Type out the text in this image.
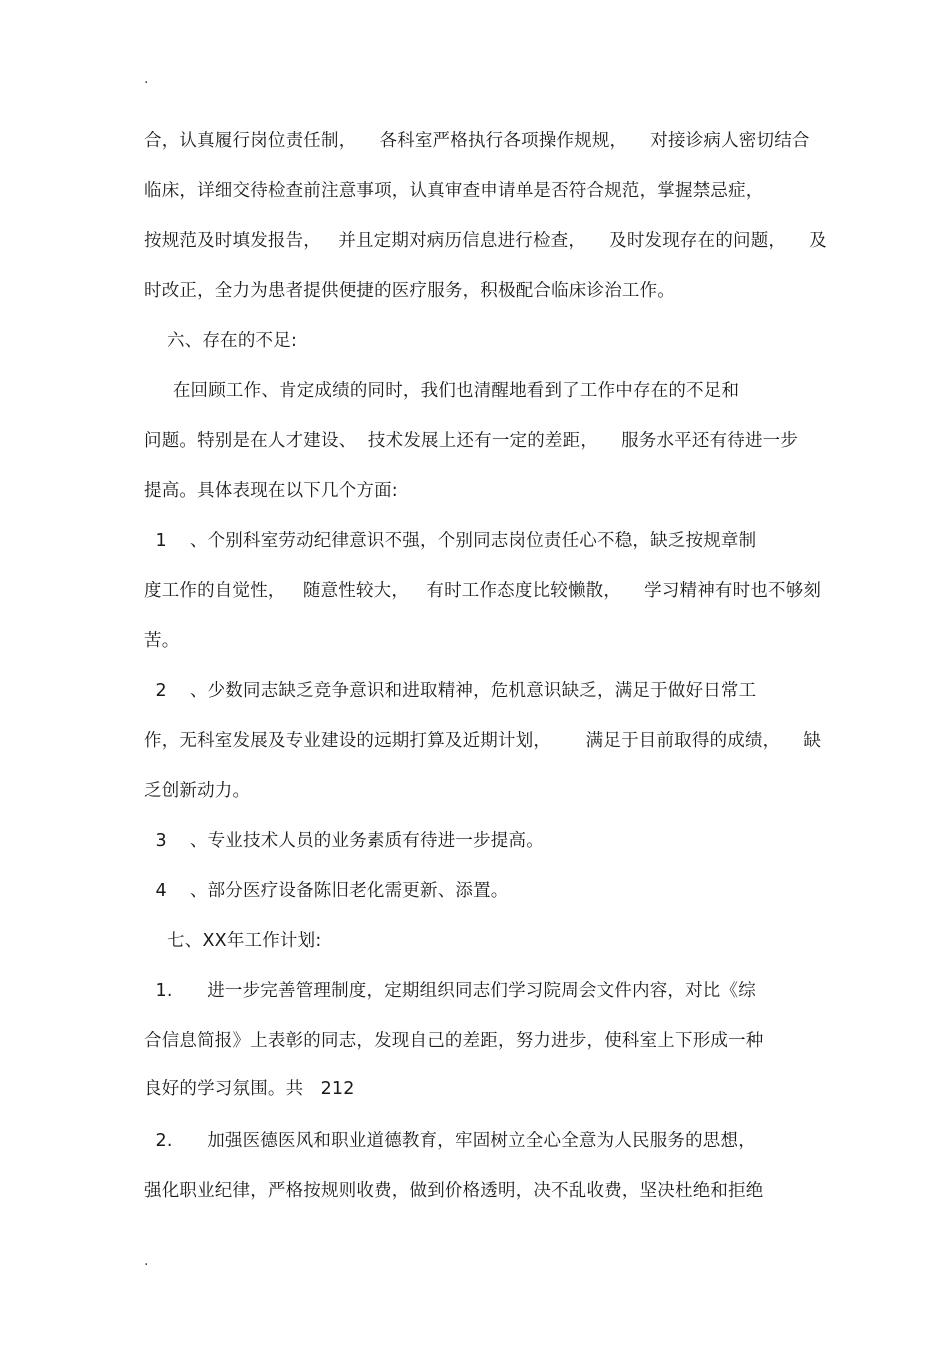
.
合，认真履行岗位责任制，    各科室严格执行各项操作规规，    对接诊病人密切结合
临床，详细交待检查前注意事项，认真审查申请单是否符合规范，掌握禁忌症，
按规范及时填发报告，   并且定期对病历信息进行检查，    及时发现存在的问题，    及
时改正，全力为患者提供便捷的医疗服务，积极配合临床诊治工作。
六、存在的不足:
在回顾工作、肯定成绩的同时，我们也清醒地看到了工作中存在的不足和
问题。特别是在人才建设、  技术发展上还有一定的差距，    服务水平还有待进一步
提高。具体表现在以下几个方面:
1    、个别科室劳动纪律意识不强，个别同志岗位责任心不稳，缺乏按规章制
度工作的自觉性，   随意性较大，   有时工作态度比较懒散，    学习精神有时也不够刻
苦。
2    、少数同志缺乏竞争意识和进取精神，危机意识缺乏，满足于做好日常工
作，无科室发展及专业建设的远期打算及近期计划，      满足于目前取得的成绩，    缺
乏创新动力。
3    、专业技术人员的业务素质有待进一步提高。
4    、部分医疗设备陈旧老化需更新、添置。
七、XX年工作计划:
1.      进一步完善管理制度，定期组织同志们学习院周会文件内容，对比《综
合信息简报》上表彰的同志，发现自己的差距，努力进步，使科室上下形成一种
良好的学习氛围。共   212
2.      加强医德医风和职业道德教育，牢固树立全心全意为人民服务的思想，
强化职业纪律，严格按规则收费，做到价格透明，决不乱收费，坚决杜绝和拒绝
.
